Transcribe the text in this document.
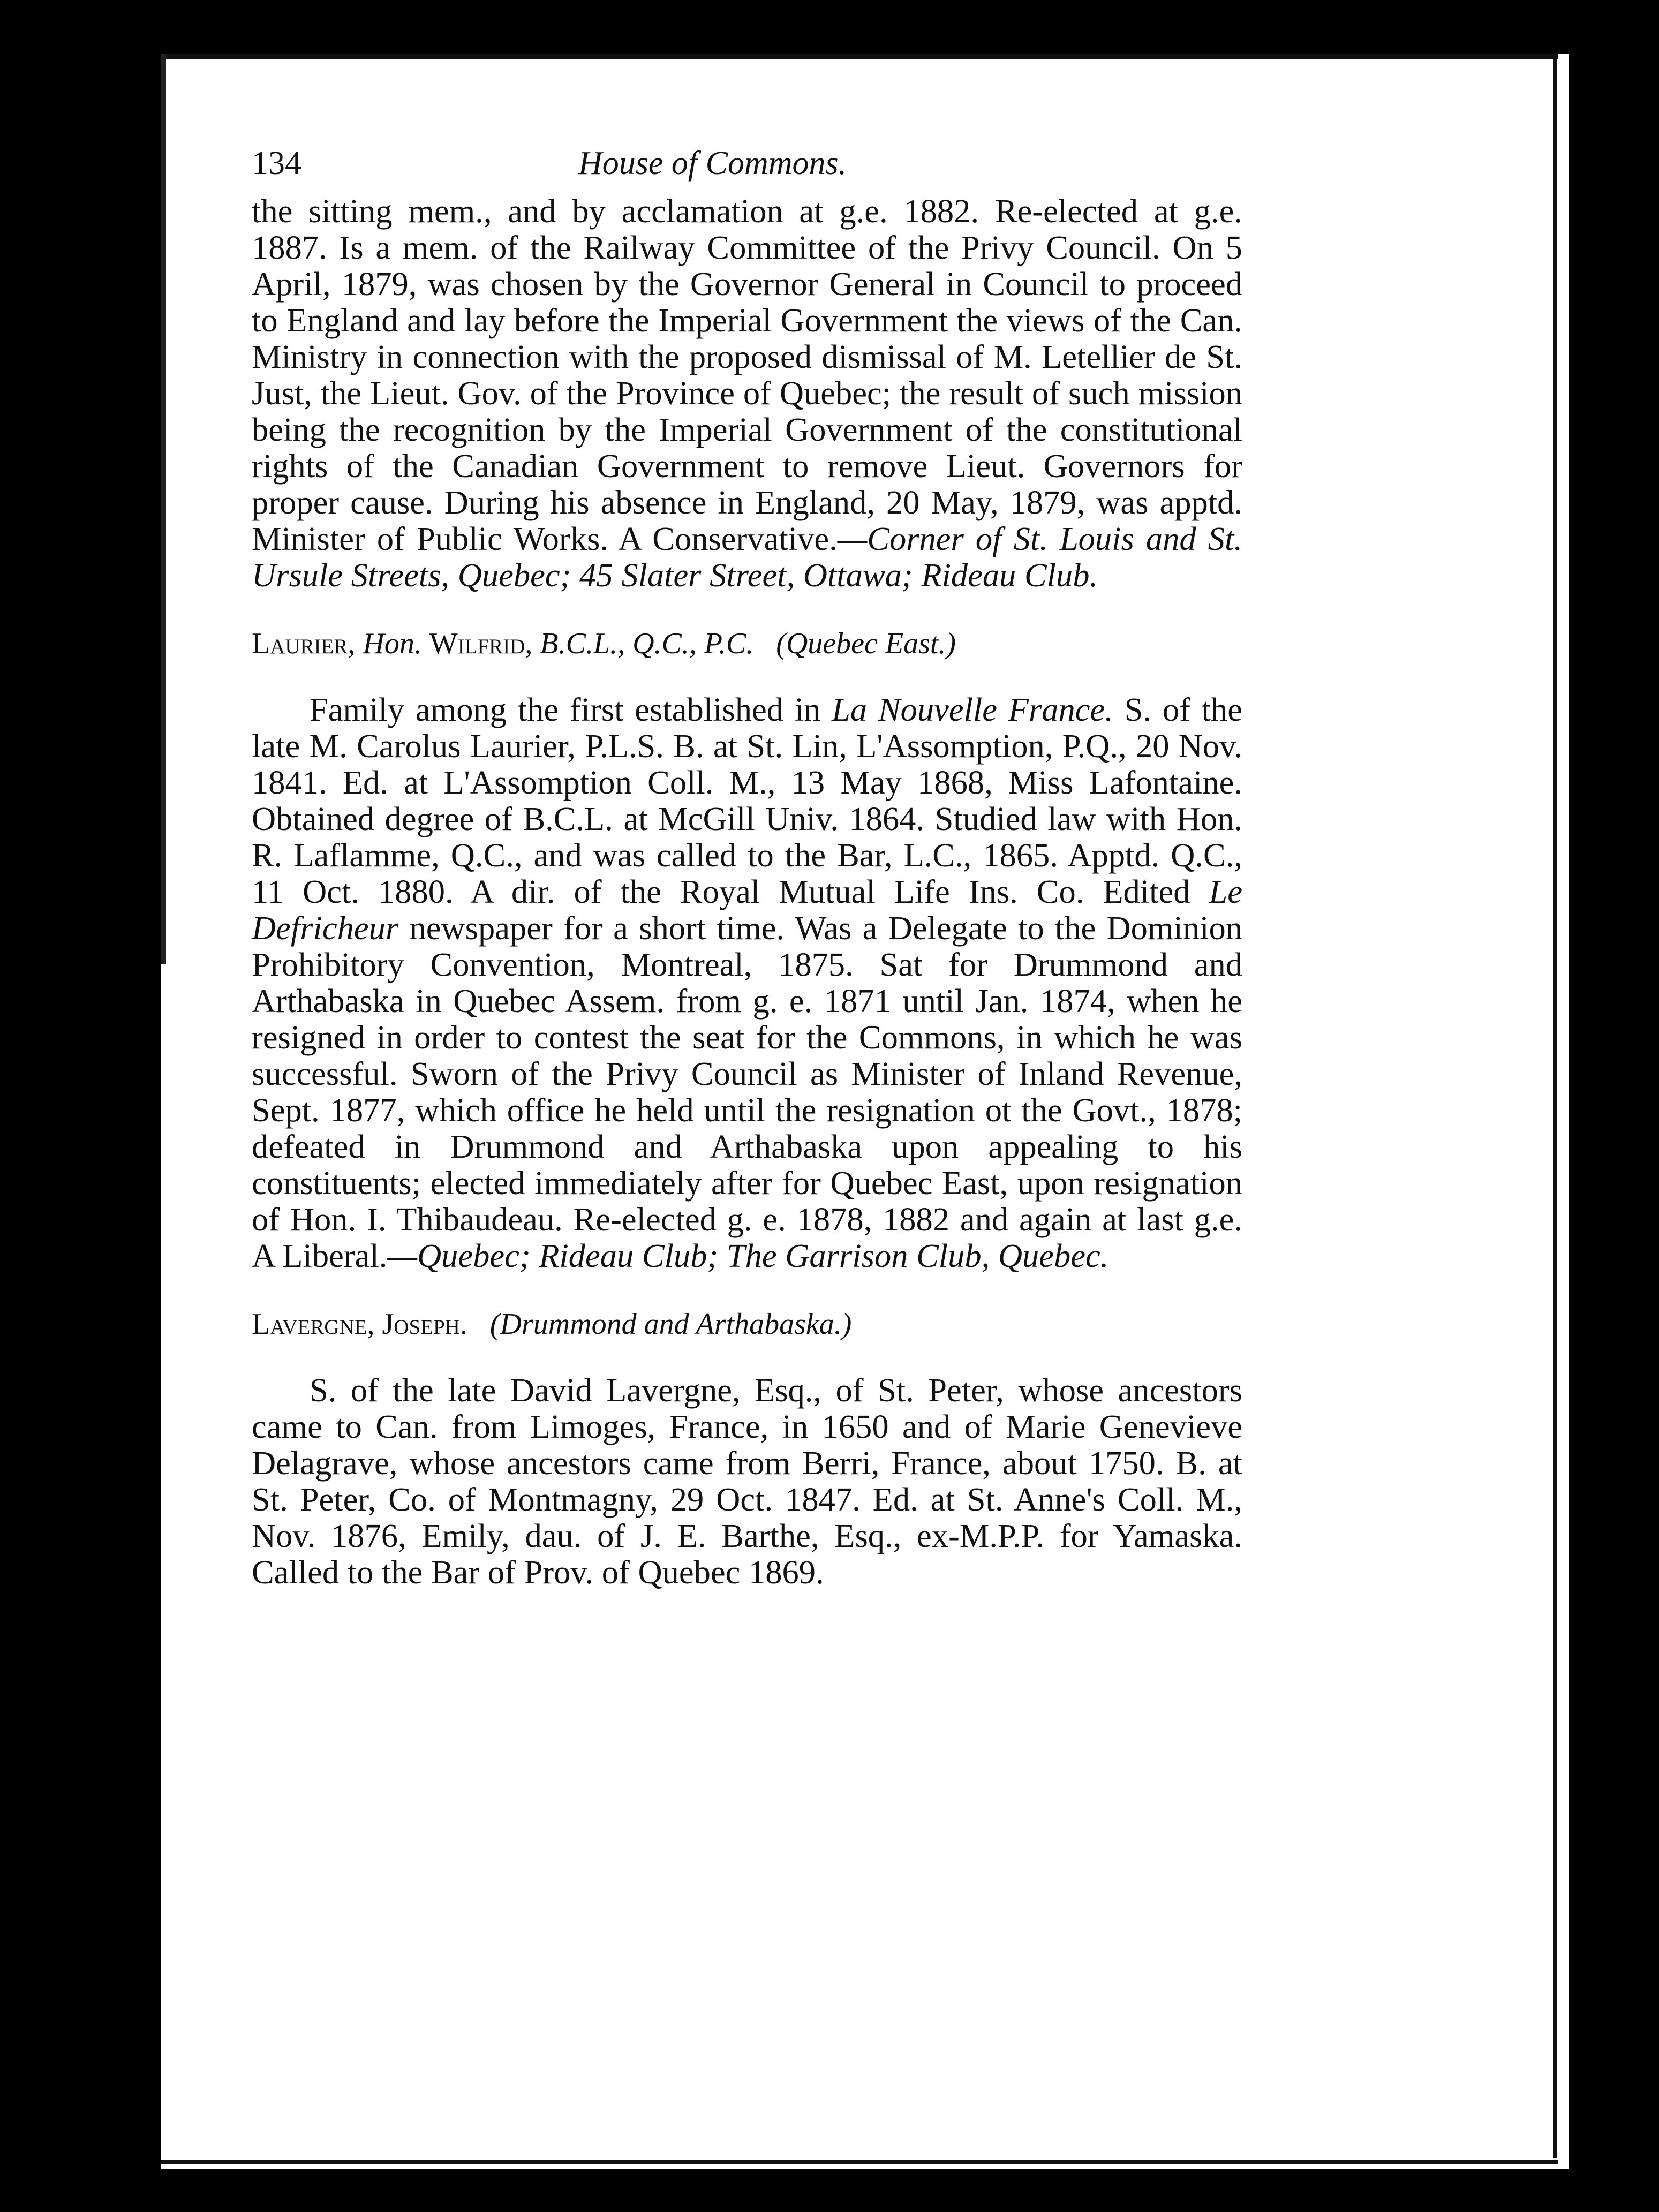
134	House of Commons.

the sitting mem., and by acclamation at g.e. 1882. Re-elected at g.e. 1887. Is a mem. of the Railway Committee of the Privy Council. On 5 April, 1879, was chosen by the Governor General in Council to proceed to England and lay before the Imperial Government the views of the Can. Ministry in connection with the proposed dismissal of M. Letellier de St. Just, the Lieut. Gov. of the Province of Quebec; the result of such mission being the recognition by the Imperial Government of the constitutional rights of the Canadian Government to remove Lieut. Governors for proper cause. During his absence in England, 20 May, 1879, was apptd. Minister of Public Works. A Conservative.—Corner of St. Louis and St. Ursule Streets, Quebec; 45 Slater Street, Ottawa; Rideau Club.

Laurier, Hon. Wilfrid, B.C.L., Q.C., P.C. (Quebec East.)

Family among the first established in La Nouvelle France. S. of the late M. Carolus Laurier, P.L.S. B. at St. Lin, L'Assomption, P.Q., 20 Nov. 1841. Ed. at L'Assomption Coll. M., 13 May 1868, Miss Lafontaine. Obtained degree of B.C.L. at McGill Univ. 1864. Studied law with Hon. R. Laflamme, Q.C., and was called to the Bar, L.C., 1865. Apptd. Q.C., 11 Oct. 1880. A dir. of the Royal Mutual Life Ins. Co. Edited Le Defricheur newspaper for a short time. Was a Delegate to the Dominion Prohibitory Convention, Montreal, 1875. Sat for Drummond and Arthabaska in Quebec Assem. from g. e. 1871 until Jan. 1874, when he resigned in order to contest the seat for the Commons, in which he was successful. Sworn of the Privy Council as Minister of Inland Revenue, Sept. 1877, which office he held until the resignation ot the Govt., 1878; defeated in Drummond and Arthabaska upon appealing to his constituents; elected immediately after for Quebec East, upon resignation of Hon. I. Thibaudeau. Re-elected g. e. 1878, 1882 and again at last g.e. A Liberal.—Quebec; Rideau Club; The Garrison Club, Quebec.

Lavergne, Joseph. (Drummond and Arthabaska.)

S. of the late David Lavergne, Esq., of St. Peter, whose ancestors came to Can. from Limoges, France, in 1650 and of Marie Genevieve Delagrave, whose ancestors came from Berri, France, about 1750. B. at St. Peter, Co. of Montmagny, 29 Oct. 1847. Ed. at St. Anne's Coll. M., Nov. 1876, Emily, dau. of J. E. Barthe, Esq., ex-M.P.P. for Yamaska. Called to the Bar of Prov. of Quebec 1869.
